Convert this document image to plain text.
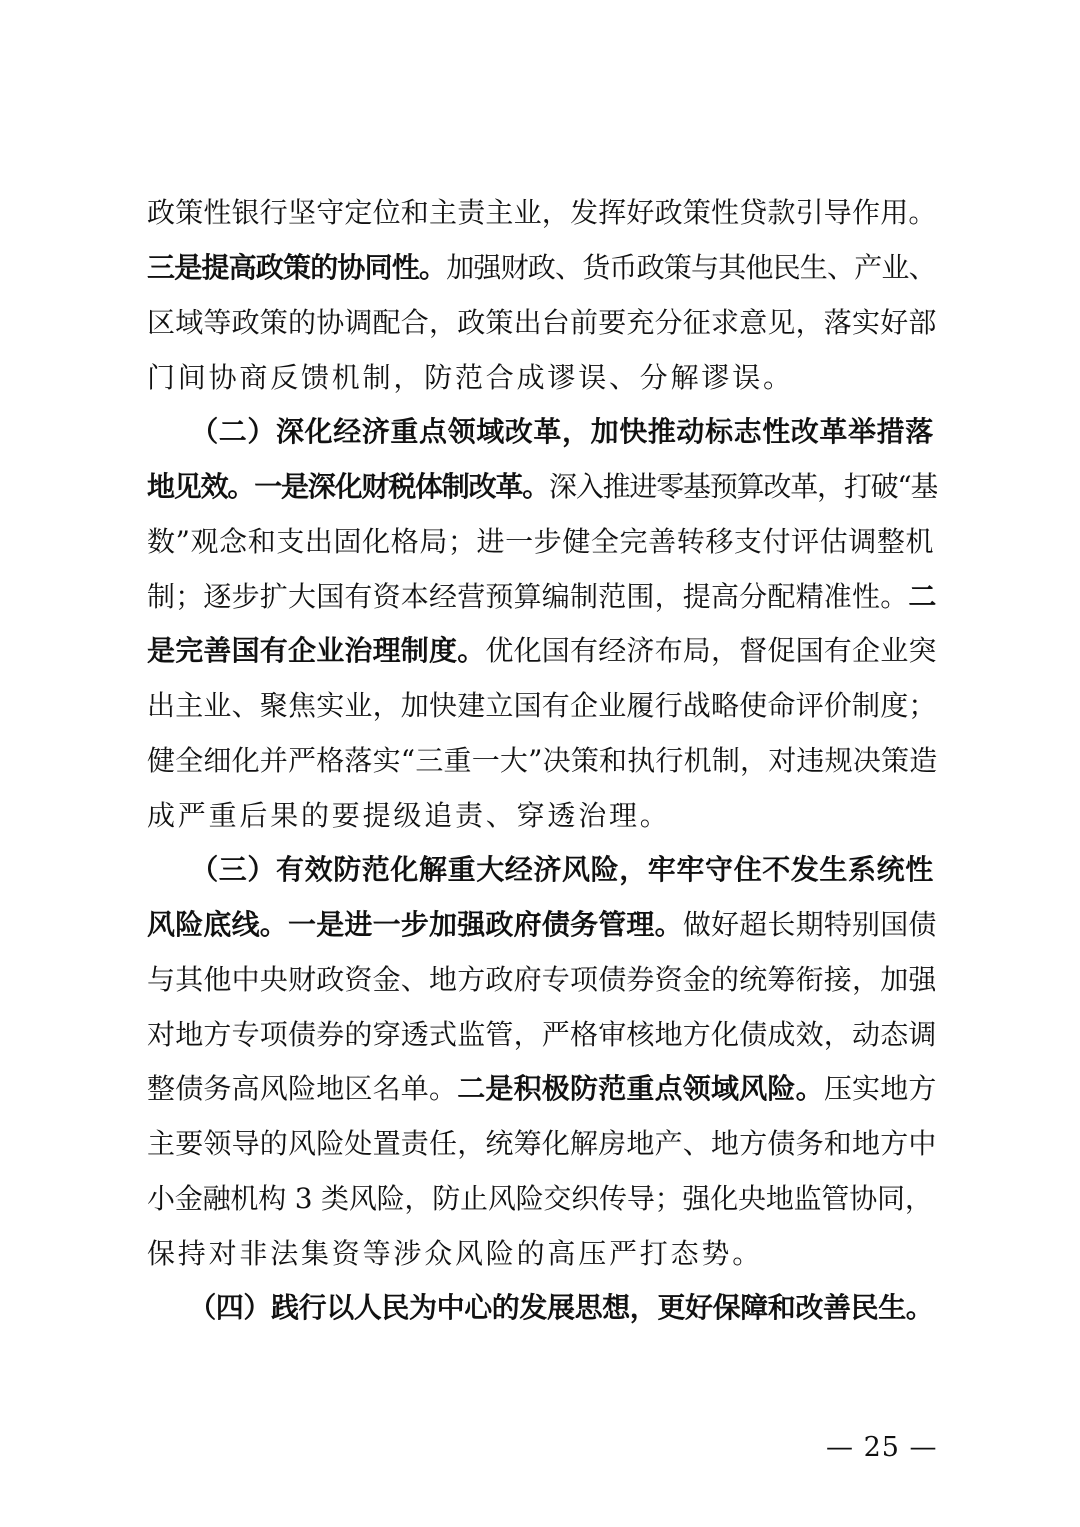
政策性银行坚守定位和主责主业，发挥好政策性贷款引导作用。
三是提高政策的协同性。加强财政、货币政策与其他民生、产业、
区域等政策的协调配合，政策出台前要充分征求意见，落实好部
门间协商反馈机制，防范合成谬误、分解谬误。
　　（二）深化经济重点领域改革，加快推动标志性改革举措落
地见效。一是深化财税体制改革。深入推进零基预算改革，打破“基
数”观念和支出固化格局；进一步健全完善转移支付评估调整机
制；逐步扩大国有资本经营预算编制范围，提高分配精准性。二
是完善国有企业治理制度。优化国有经济布局，督促国有企业突
出主业、聚焦实业，加快建立国有企业履行战略使命评价制度；
健全细化并严格落实“三重一大”决策和执行机制，对违规决策造
成严重后果的要提级追责、穿透治理。
　　（三）有效防范化解重大经济风险，牢牢守住不发生系统性
风险底线。一是进一步加强政府债务管理。做好超长期特别国债
与其他中央财政资金、地方政府专项债券资金的统筹衔接，加强
对地方专项债券的穿透式监管，严格审核地方化债成效，动态调
整债务高风险地区名单。二是积极防范重点领域风险。压实地方
主要领导的风险处置责任，统筹化解房地产、地方债务和地方中
小金融机构 3 类风险，防止风险交织传导；强化央地监管协同，
保持对非法集资等涉众风险的高压严打态势。
　　（四）践行以人民为中心的发展思想，更好保障和改善民生。
— 25 —
